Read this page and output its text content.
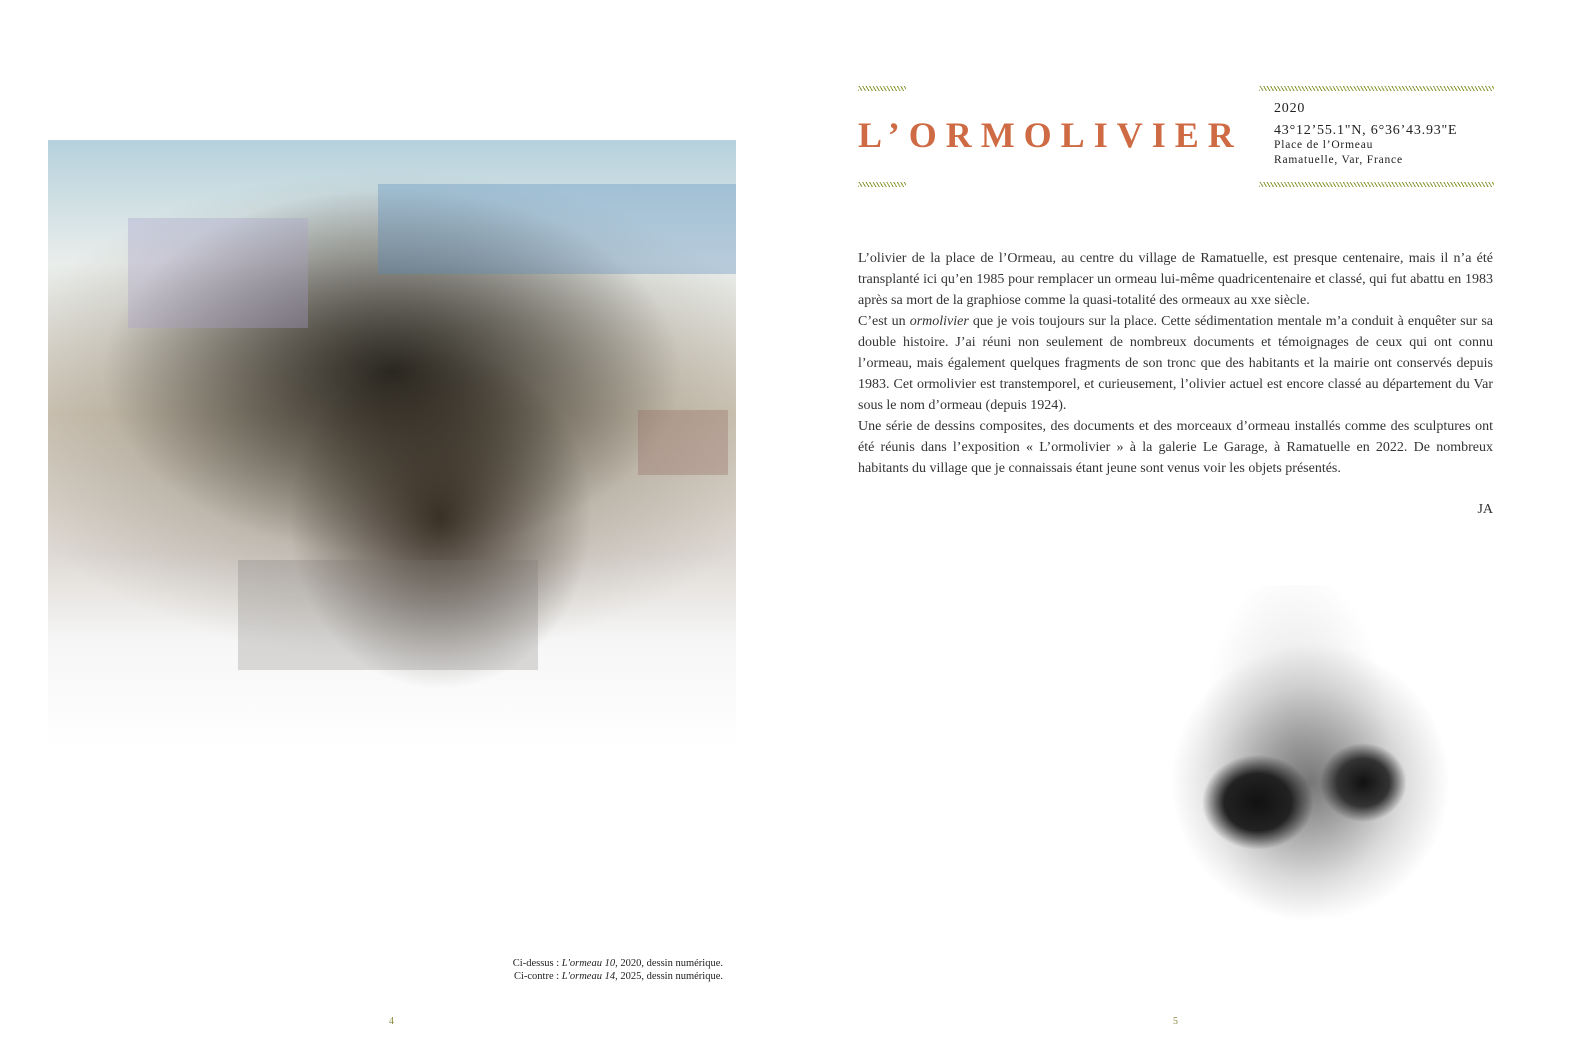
Ci-dessus : L'ormeau 10, 2020, dessin numérique.
Ci-contre : L'ormeau 14, 2025, dessin numérique.
4
L’ORMOLIVIER
2020
43°12’55.1"N, 6°36’43.93"E
Place de l’Ormeau
Ramatuelle, Var, France

L’olivier de la place de l’Ormeau, au centre du village de Ramatuelle, est presque centenaire, mais il n’a été transplanté ici qu’en 1985 pour remplacer un ormeau lui-même quadricentenaire et classé, qui fut abattu en 1983 après sa mort de la graphiose comme la quasi-totalité des ormeaux au xxe siècle.

C’est un ormolivier que je vois toujours sur la place. Cette sédimentation mentale m’a conduit à enquêter sur sa double histoire. J’ai réuni non seulement de nombreux documents et témoignages de ceux qui ont connu l’ormeau, mais également quelques fragments de son tronc que des habitants et la mairie ont conservés depuis 1983. Cet ormolivier est transtemporel, et curieusement, l’olivier actuel est encore classé au département du Var sous le nom d’ormeau (depuis 1924).

Une série de dessins composites, des documents et des morceaux d’ormeau installés comme des sculptures ont été réunis dans l’exposition « L’ormolivier » à la galerie Le Garage, à Ramatuelle en 2022. De nombreux habitants du village que je connaissais étant jeune sont venus voir les objets présentés.

JA
5
